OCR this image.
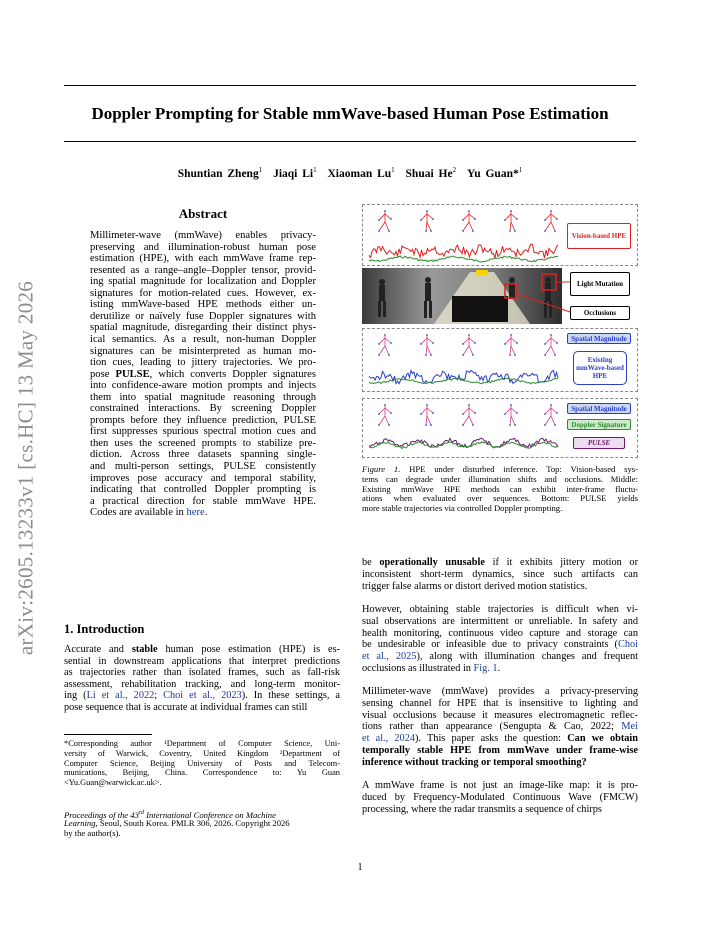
Doppler Prompting for Stable mmWave-based Human Pose Estimation
Shuntian Zheng$^1$ Jiaqi Li$^1$ Xiaoman Lu$^1$ Shuai He$^2$ Yu Guan*$^1$
arXiv:2605.13233v1 [cs.HC] 13 May 2026
Abstract
Millimeter-wave (mmWave) enables privacy-
preserving and illumination-robust human pose
estimation (HPE), with each mmWave frame rep-
resented as a range–angle–Doppler tensor, provid-
ing spatial magnitude for localization and Doppler
signatures for motion-related cues. However, ex-
isting mmWave-based HPE methods either un-
derutilize or naïvely fuse Doppler signatures with
spatial magnitude, disregarding their distinct phys-
ical semantics. As a result, non-human Doppler
signatures can be misinterpreted as human mo-
tion cues, leading to jittery trajectories. We pro-
pose PULSE, which converts Doppler signatures
into confidence-aware motion prompts and injects
them into spatial magnitude reasoning through
constrained interactions. By screening Doppler
prompts before they influence prediction, PULSE
first suppresses spurious spectral motion cues and
then uses the screened prompts to stabilize pre-
diction. Across three datasets spanning single-
and multi-person settings, PULSE consistently
improves pose accuracy and temporal stability,
indicating that controlled Doppler prompting is
a practical direction for stable mmWave HPE.
Codes are available in here.
1. Introduction
Accurate and stable human pose estimation (HPE) is es-
sential in downstream applications that interpret predictions
as trajectories rather than isolated frames, such as fall-risk
assessment, rehabilitation tracking, and long-term monitor-
ing (Li et al., 2022; Choi et al., 2023). In these settings, a
pose sequence that is accurate at individual frames can still
*Corresponding author ¹Department of Computer Science, Uni-
versity of Warwick, Coventry, United Kingdom ²Department of
Computer Science, Beijing University of Posts and Telecom-
munications, Beijing, China. Correspondence to: Yu Guan
<Yu.Guan@warwick.ac.uk>.
Proceedings of the 43rd International Conference on Machine
Learning, Seoul, South Korea. PMLR 306, 2026. Copyright 2026
by the author(s).
Vision-based HPE
Light Mutation
Occlusions
Spatial Magnitude
Existing mmWave-based HPE
Spatial Magnitude
Doppler Signature
PULSE
Figure 1. HPE under disturbed inference. Top: Vision-based sys-
tems can degrade under illumination shifts and occlusions. Middle:
Existing mmWave HPE methods can exhibit inter-frame fluctu-
ations when evaluated over sequences. Bottom: PULSE yields
more stable trajectories via controlled Doppler prompting.
be operationally unusable if it exhibits jittery motion or
inconsistent short-term dynamics, since such artifacts can
trigger false alarms or distort derived motion statistics.
However, obtaining stable trajectories is difficult when vi-
sual observations are intermittent or unreliable. In safety and
health monitoring, continuous video capture and storage can
be undesirable or infeasible due to privacy constraints (Choi
et al., 2025), along with illumination changes and frequent
occlusions as illustrated in Fig. 1.
Millimeter-wave (mmWave) provides a privacy-preserving
sensing channel for HPE that is insensitive to lighting and
visual occlusions because it measures electromagnetic reflec-
tions rather than appearance (Sengupta & Cao, 2022; Mei
et al., 2024). This paper asks the question: Can we obtain
temporally stable HPE from mmWave under frame-wise
inference without tracking or temporal smoothing?
A mmWave frame is not just an image-like map: it is pro-
duced by Frequency-Modulated Continuous Wave (FMCW)
processing, where the radar transmits a sequence of chirps
1
